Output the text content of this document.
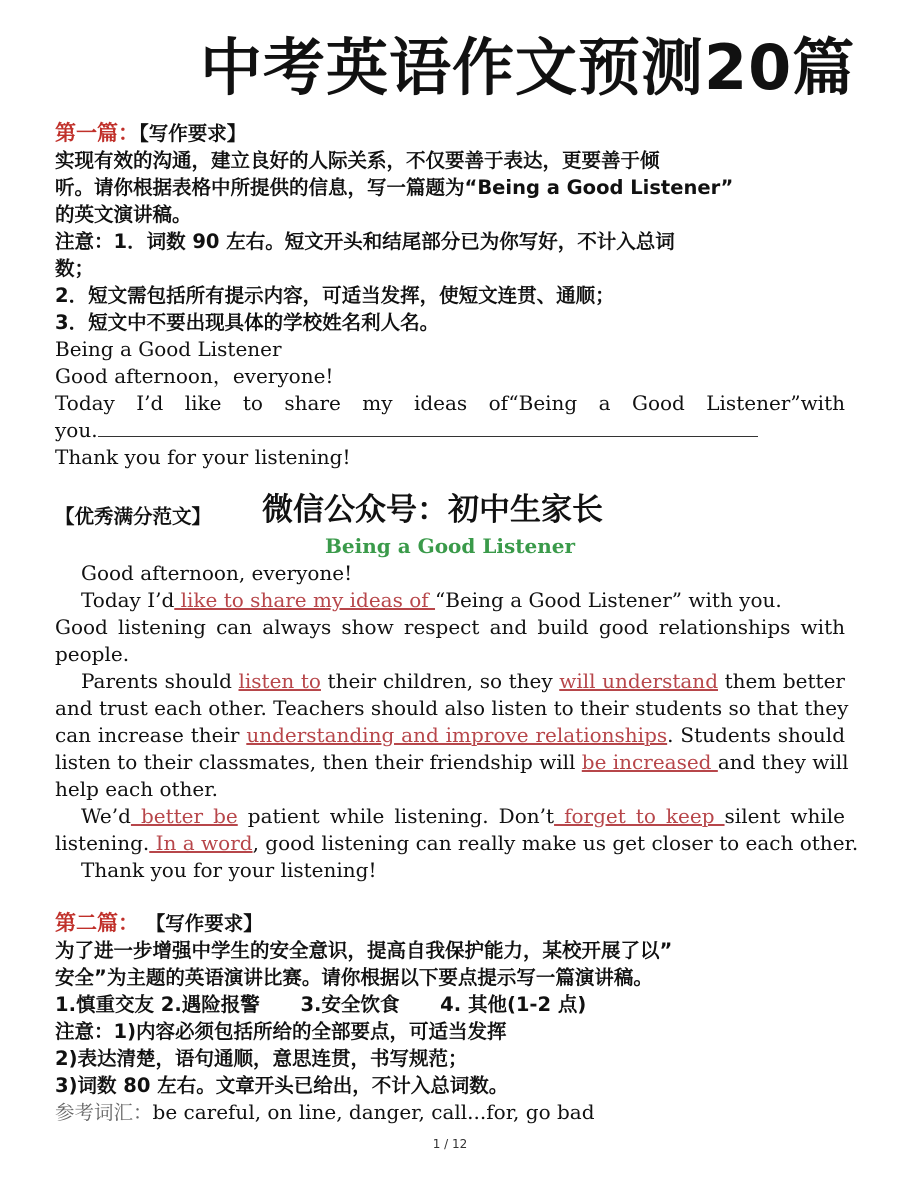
中考英语作文预测20篇
第一篇：【写作要求】
实现有效的沟通，建立良好的人际关系，不仅要善于表达，更要善于倾
听。请你根据表格中所提供的信息，写一篇题为“Being a Good Listener”
的英文演讲稿。
注意：1．词数 90 左右。短文开头和结尾部分已为你写好，不计入总词
数；
2．短文需包括所有提示内容，可适当发挥，使短文连贯、通顺；
3．短文中不要出现具体的学校姓名利人名。
Being a Good Listener
Good afternoon，everyone!
Today I’d like to share my ideas of“Being a Good Listener”with
you.
Thank you for your listening!
【优秀满分范文】	微信公众号：初中生家长
Being a Good Listener
Good afternoon, everyone!
Today I’d like to share my ideas of “Being a Good Listener” with you.
Good listening can always show respect and build good relationships with
people.
Parents should listen to their children, so they will understand them better
and trust each other. Teachers should also listen to their students so that they
can increase their understanding and improve relationships. Students should
listen to their classmates, then their friendship will be increased and they will
help each other.
We’d better be patient while listening. Don’t forget to keep silent while
listening. In a word, good listening can really make us get closer to each other.
Thank you for your listening!
第二篇： 【写作要求】
为了进一步增强中学生的安全意识，提高自我保护能力，某校开展了以”
安全”为主题的英语演讲比赛。请你根据以下要点提示写一篇演讲稿。
1.慎重交友 2.遇险报警      3.安全饮食      4. 其他(1-2 点)
注意：1)内容必须包括所给的全部要点，可适当发挥
2)表达清楚，语句通顺，意思连贯，书写规范；
3)词数 80 左右。文章开头已给出，不计入总词数。
参考词汇：be careful, on line, danger, call...for, go bad
1 / 12
